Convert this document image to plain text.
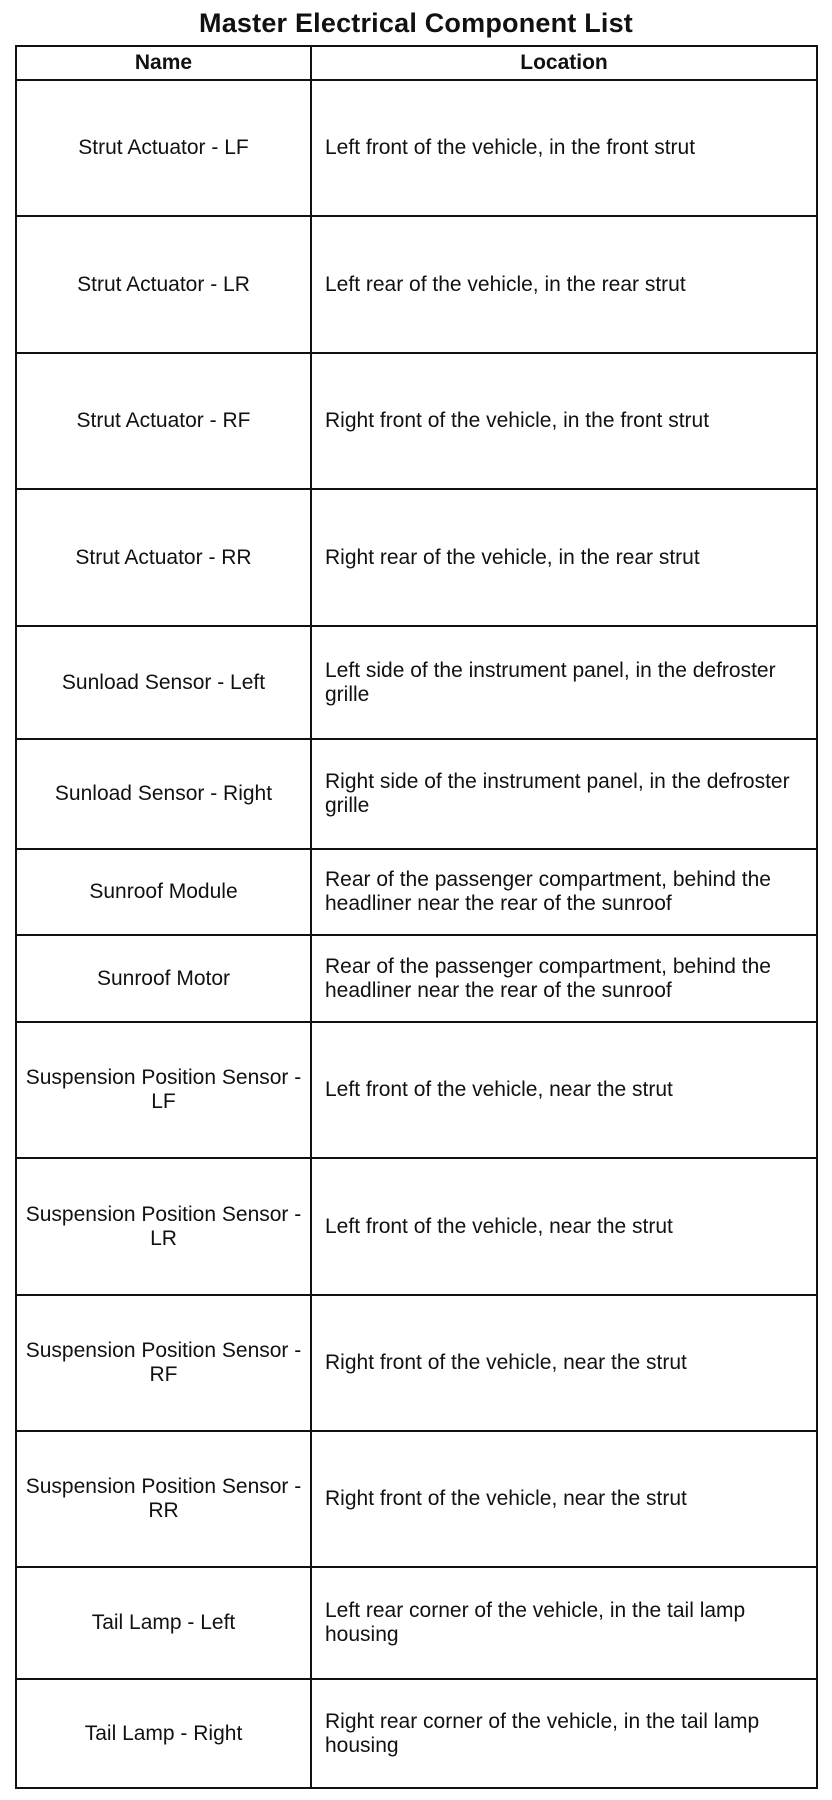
Master Electrical Component List
Name	Location
Strut Actuator - LF	Left front of the vehicle, in the front strut
Strut Actuator - LR	Left rear of the vehicle, in the rear strut
Strut Actuator - RF	Right front of the vehicle, in the front strut
Strut Actuator - RR	Right rear of the vehicle, in the rear strut
Sunload Sensor - Left	Left side of the instrument panel, in the defroster grille
Sunload Sensor - Right	Right side of the instrument panel, in the defroster grille
Sunroof Module	Rear of the passenger compartment, behind the headliner near the rear of the sunroof
Sunroof Motor	Rear of the passenger compartment, behind the headliner near the rear of the sunroof
Suspension Position Sensor - LF	Left front of the vehicle, near the strut
Suspension Position Sensor - LR	Left front of the vehicle, near the strut
Suspension Position Sensor - RF	Right front of the vehicle, near the strut
Suspension Position Sensor - RR	Right front of the vehicle, near the strut
Tail Lamp - Left	Left rear corner of the vehicle, in the tail lamp housing
Tail Lamp - Right	Right rear corner of the vehicle, in the tail lamp housing
